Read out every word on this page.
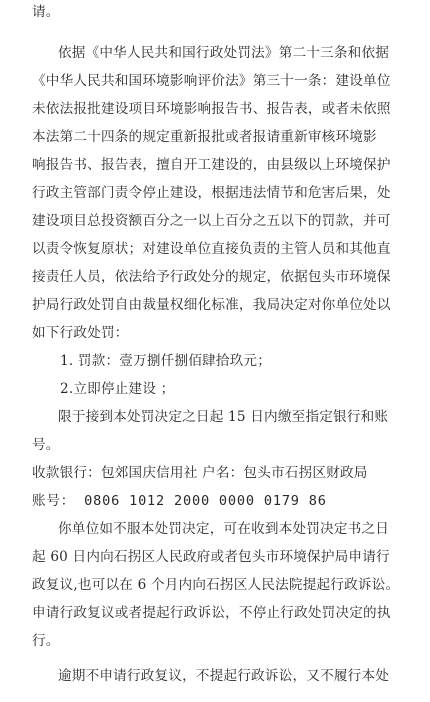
请。
依据《中华人民共和国行政处罚法》第二十三条和依据
《中华人民共和国环境影响评价法》第三十一条：建设单位
未依法报批建设项目环境影响报告书、报告表，或者未依照
本法第二十四条的规定重新报批或者报请重新审核环境影
响报告书、报告表，擅自开工建设的，由县级以上环境保护
行政主管部门责令停止建设，根据违法情节和危害后果，处
建设项目总投资额百分之一以上百分之五以下的罚款，并可
以责令恢复原状；对建设单位直接负责的主管人员和其他直
接责任人员，依法给予行政处分的规定，依据包头市环境保
护局行政处罚自由裁量权细化标准，我局决定对你单位处以
如下行政处罚：
1. 罚款：壹万捌仟捌佰肆拾玖元；
2.立即停止建设 ；
限于接到本处罚决定之日起 15 日内缴至指定银行和账
号。
收款银行：包郊国庆信用社 户名：包头市石拐区财政局
账号： 0806 1012 2000 0000 0179 86
你单位如不服本处罚决定，可在收到本处罚决定书之日
起 60 日内向石拐区人民政府或者包头市环境保护局申请行
政复议,也可以在 6 个月内向石拐区人民法院提起行政诉讼。
申请行政复议或者提起行政诉讼，不停止行政处罚决定的执
行。
逾期不申请行政复议，不提起行政诉讼，又不履行本处
